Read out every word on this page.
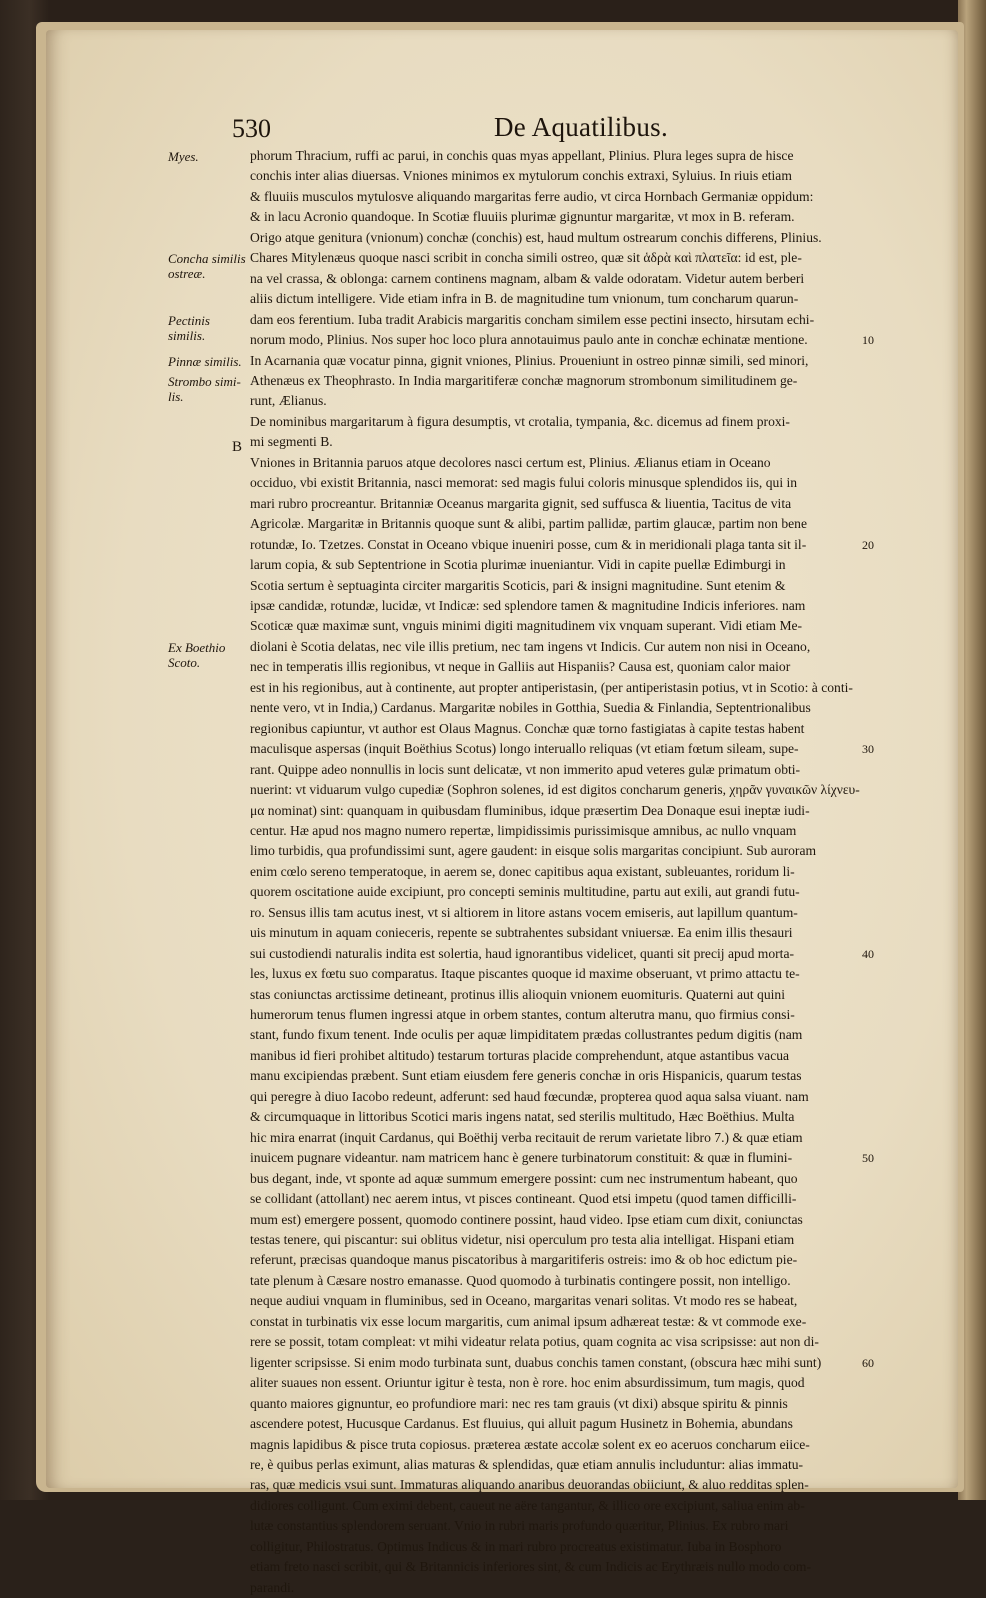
530	De Aquatilibus.
Myes.
Concha similis ostreæ.
Pectinis similis.
Pinnæ similis.
Strombo simi-lis.
Ex Boethio Scoto.
B
10
20
30
40
50
60
phorum Thracium, ruffi ac parui, in conchis quas myas appellant, Plinius. Plura leges supra de hisce
conchis inter alias diuersas. Vniones minimos ex mytulorum conchis extraxi, Syluius. In riuis etiam
& fluuiis musculos mytulosve aliquando margaritas ferre audio, vt circa Hornbach Germaniæ oppidum:
& in lacu Acronio quandoque. In Scotiæ fluuiis plurimæ gignuntur margaritæ, vt mox in B. referam.
Origo atque genitura (vnionum) conchæ (conchis) est, haud multum ostrearum conchis differens, Plinius.
Chares Mitylenæus quoque nasci scribit in concha simili ostreo, quæ sit ἁδρὰ καὶ πλατεῖα: id est, ple-
na vel crassa, & oblonga: carnem continens magnam, albam & valde odoratam. Videtur autem berberi
aliis dictum intelligere. Vide etiam infra in B. de magnitudine tum vnionum, tum concharum quarun-
dam eos ferentium. Iuba tradit Arabicis margaritis concham similem esse pectini insecto, hirsutam echi-
norum modo, Plinius. Nos super hoc loco plura annotauimus paulo ante in conchæ echinatæ mentione.
In Acarnania quæ vocatur pinna, gignit vniones, Plinius. Proueniunt in ostreo pinnæ simili, sed minori,
Athenæus ex Theophrasto. In India margaritiferæ conchæ magnorum strombonum similitudinem ge-
runt, Ælianus.
De nominibus margaritarum à figura desumptis, vt crotalia, tympania, &c. dicemus ad finem proxi-
mi segmenti B.
Vniones in Britannia paruos atque decolores nasci certum est, Plinius. Ælianus etiam in Oceano
occiduo, vbi existit Britannia, nasci memorat: sed magis fului coloris minusque splendidos iis, qui in
mari rubro procreantur. Britanniæ Oceanus margarita gignit, sed suffusca & liuentia, Tacitus de vita
Agricolæ. Margaritæ in Britannis quoque sunt & alibi, partim pallidæ, partim glaucæ, partim non bene
rotundæ, Io. Tzetzes. Constat in Oceano vbique inueniri posse, cum & in meridionali plaga tanta sit il-
larum copia, & sub Septentrione in Scotia plurimæ inueniantur. Vidi in capite puellæ Edimburgi in
Scotia sertum è septuaginta circiter margaritis Scoticis, pari & insigni magnitudine. Sunt etenim &
ipsæ candidæ, rotundæ, lucidæ, vt Indicæ: sed splendore tamen & magnitudine Indicis inferiores. nam
Scoticæ quæ maximæ sunt, vnguis minimi digiti magnitudinem vix vnquam superant. Vidi etiam Me-
diolani è Scotia delatas, nec vile illis pretium, nec tam ingens vt Indicis. Cur autem non nisi in Oceano,
nec in temperatis illis regionibus, vt neque in Galliis aut Hispaniis? Causa est, quoniam calor maior
est in his regionibus, aut à continente, aut propter antiperistasin, (per antiperistasin potius, vt in Scotio: à conti-
nente vero, vt in India,) Cardanus. Margaritæ nobiles in Gotthia, Suedia & Finlandia, Septentrionalibus
regionibus capiuntur, vt author est Olaus Magnus. Conchæ quæ torno fastigiatas à capite testas habent
maculisque aspersas (inquit Boëthius Scotus) longo interuallo reliquas (vt etiam fœtum sileam, supe-
rant. Quippe adeo nonnullis in locis sunt delicatæ, vt non immerito apud veteres gulæ primatum obti-
nuerint: vt viduarum vulgo cupediæ (Sophron solenes, id est digitos concharum generis, χηρᾶν γυναικῶν λίχνευ-
μα nominat) sint: quanquam in quibusdam fluminibus, idque præsertim Dea Donaque esui ineptæ iudi-
centur. Hæ apud nos magno numero repertæ, limpidissimis purissimisque amnibus, ac nullo vnquam
limo turbidis, qua profundissimi sunt, agere gaudent: in eisque solis margaritas concipiunt. Sub auroram
enim cœlo sereno temperatoque, in aerem se, donec capitibus aqua existant, subleuantes, roridum li-
quorem oscitatione auide excipiunt, pro concepti seminis multitudine, partu aut exili, aut grandi futu-
ro. Sensus illis tam acutus inest, vt si altiorem in litore astans vocem emiseris, aut lapillum quantum-
uis minutum in aquam conieceris, repente se subtrahentes subsidant vniuersæ. Ea enim illis thesauri
sui custodiendi naturalis indita est solertia, haud ignorantibus videlicet, quanti sit precij apud morta-
les, luxus ex fœtu suo comparatus. Itaque piscantes quoque id maxime obseruant, vt primo attactu te-
stas coniunctas arctissime detineant, protinus illis alioquin vnionem euomituris. Quaterni aut quini
humerorum tenus flumen ingressi atque in orbem stantes, contum alterutra manu, quo firmius consi-
stant, fundo fixum tenent. Inde oculis per aquæ limpiditatem prædas collustrantes pedum digitis (nam
manibus id fieri prohibet altitudo) testarum torturas placide comprehendunt, atque astantibus vacua
manu excipiendas præbent. Sunt etiam eiusdem fere generis conchæ in oris Hispanicis, quarum testas
qui peregre à diuo Iacobo redeunt, adferunt: sed haud fœcundæ, propterea quod aqua salsa viuant. nam
& circumquaque in littoribus Scotici maris ingens natat, sed sterilis multitudo, Hæc Boëthius. Multa
hic mira enarrat (inquit Cardanus, qui Boëthij verba recitauit de rerum varietate libro 7.) & quæ etiam
inuicem pugnare videantur. nam matricem hanc è genere turbinatorum constituit: & quæ in flumini-
bus degant, inde, vt sponte ad aquæ summum emergere possint: cum nec instrumentum habeant, quo
se collidant (attollant) nec aerem intus, vt pisces contineant. Quod etsi impetu (quod tamen difficilli-
mum est) emergere possent, quomodo continere possint, haud video. Ipse etiam cum dixit, coniunctas
testas tenere, qui piscantur: sui oblitus videtur, nisi operculum pro testa alia intelligat. Hispani etiam
referunt, præcisas quandoque manus piscatoribus à margaritiferis ostreis: imo & ob hoc edictum pie-
tate plenum à Cæsare nostro emanasse. Quod quomodo à turbinatis contingere possit, non intelligo.
neque audiui vnquam in fluminibus, sed in Oceano, margaritas venari solitas. Vt modo res se habeat,
constat in turbinatis vix esse locum margaritis, cum animal ipsum adhæreat testæ: & vt commode exe-
rere se possit, totam compleat: vt mihi videatur relata potius, quam cognita ac visa scripsisse: aut non di-
ligenter scripsisse. Si enim modo turbinata sunt, duabus conchis tamen constant, (obscura hæc mihi sunt)
aliter suaues non essent. Oriuntur igitur è testa, non è rore. hoc enim absurdissimum, tum magis, quod
quanto maiores gignuntur, eo profundiore mari: nec res tam grauis (vt dixi) absque spiritu & pinnis
ascendere potest, Hucusque Cardanus. Est fluuius, qui alluit pagum Husinetz in Bohemia, abundans
magnis lapidibus & pisce truta copiosus. præterea æstate accolæ solent ex eo aceruos concharum eiice-
re, è quibus perlas eximunt, alias maturas & splendidas, quæ etiam annulis includuntur: alias immatu-
ras, quæ medicis vsui sunt. Immaturas aliquando anaribus deuorandas obiiciunt, & aluo redditas splen-
didiores colligunt. Cum eximi debent, caueut ne aëre tangantur, & illico ore excipiunt, saliua enim ab-
lutæ constantius splendorem seruant. Vnio in rubri maris profundo quæritur, Plinius. Ex rubro mari
colligitur, Philostratus. Optimus Indicus & in mari rubro procreatus existimatur. Iuba in Bosphoro
etiam freto nasci scribit, qui & Britannicis inferiores sint, & cum Indicis ac Erythræis nullo modo com-
parandi.
